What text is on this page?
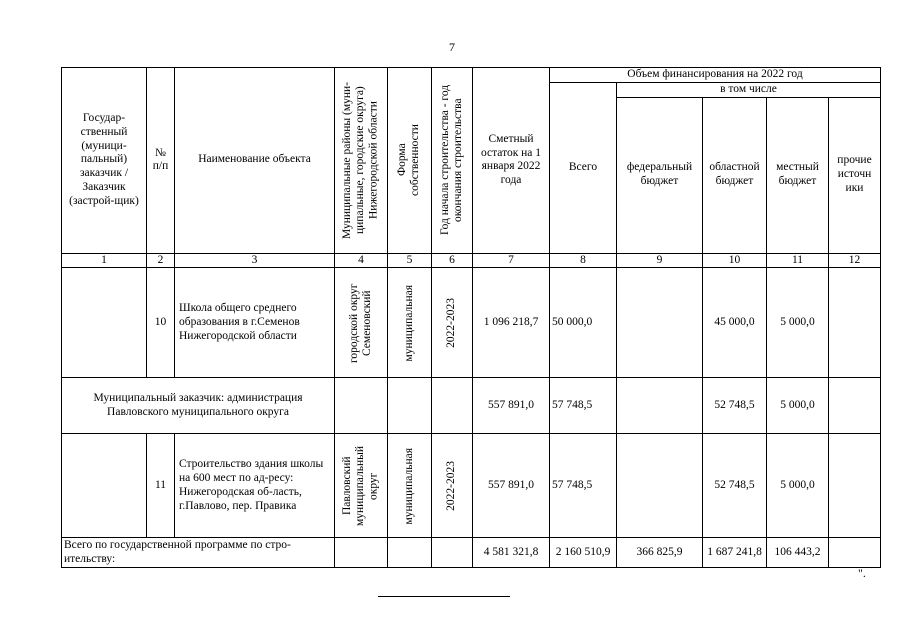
7
Государ-ственный (муници-пальный) заказчик / Заказчик (застрой-щик)	№ п/п	Наименование объекта	Муниципальные районы (муни-ципальные, городские округа) Нижегородской области	Форма собственности	Год начала строительства - год окончания строительства	Сметный остаток на 1 января 2022 года	Объем финансирования на 2022 год				
							Всего	в том числе			
								федеральный бюджет	областной бюджет	местный бюджет	прочие источн ики
1	2	3	4	5	6	7	8	9	10	11	12
	10	Школа общего среднего образования в г.Семенов Нижегородской области	городской округ Семеновский	муниципальная	2022-2023	1 096 218,7	50 000,0		45 000,0	5 000,0	
Муниципальный заказчик: администрация Павловского муниципального округа						557 891,0	57 748,5		52 748,5	5 000,0	
	11	Строительство здания школы на 600 мест по ад-ресу: Нижегородская об-ласть, г.Павлово, пер. Правика	Павловский муниципальный округ	муниципальная	2022-2023	557 891,0	57 748,5		52 748,5	5 000,0	
Всего по государственной программе по стро-ительству:						4 581 321,8	2 160 510,9	366 825,9	1 687 241,8	106 443,2	
".
